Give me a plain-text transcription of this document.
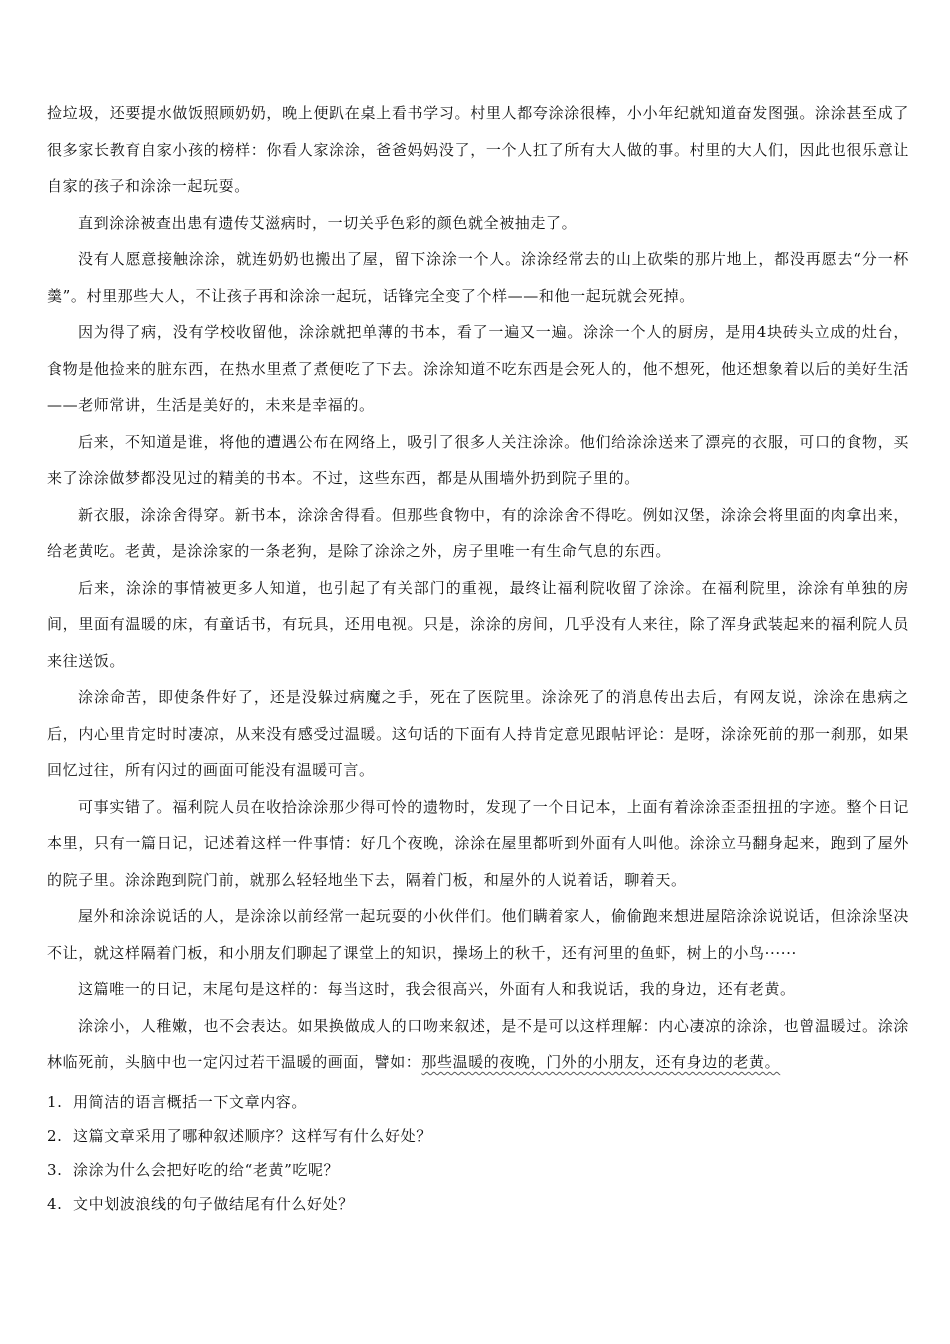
捡垃圾，还要提水做饭照顾奶奶，晚上便趴在桌上看书学习。村里人都夸涂涂很棒，小小年纪就知道奋发图强。涂涂甚至成了很多家长教育自家小孩的榜样：你看人家涂涂，爸爸妈妈没了，一个人扛了所有大人做的事。村里的大人们，因此也很乐意让自家的孩子和涂涂一起玩耍。

直到涂涂被查出患有遗传艾滋病时，一切关乎色彩的颜色就全被抽走了。

没有人愿意接触涂涂，就连奶奶也搬出了屋，留下涂涂一个人。涂涂经常去的山上砍柴的那片地上，都没再愿去“分一杯羹”。村里那些大人，不让孩子再和涂涂一起玩，话锋完全变了个样——和他一起玩就会死掉。

因为得了病，没有学校收留他，涂涂就把单薄的书本，看了一遍又一遍。涂涂一个人的厨房，是用4块砖头立成的灶台，食物是他捡来的脏东西，在热水里煮了煮便吃了下去。涂涂知道不吃东西是会死人的，他不想死，他还想象着以后的美好生活——老师常讲，生活是美好的，未来是幸福的。

后来，不知道是谁，将他的遭遇公布在网络上，吸引了很多人关注涂涂。他们给涂涂送来了漂亮的衣服，可口的食物，买来了涂涂做梦都没见过的精美的书本。不过，这些东西，都是从围墙外扔到院子里的。

新衣服，涂涂舍得穿。新书本，涂涂舍得看。但那些食物中，有的涂涂舍不得吃。例如汉堡，涂涂会将里面的肉拿出来，给老黄吃。老黄，是涂涂家的一条老狗，是除了涂涂之外，房子里唯一有生命气息的东西。

后来，涂涂的事情被更多人知道，也引起了有关部门的重视，最终让福利院收留了涂涂。在福利院里，涂涂有单独的房间，里面有温暖的床，有童话书，有玩具，还用电视。只是，涂涂的房间，几乎没有人来往，除了浑身武装起来的福利院人员来往送饭。

涂涂命苦，即使条件好了，还是没躲过病魔之手，死在了医院里。涂涂死了的消息传出去后，有网友说，涂涂在患病之后，内心里肯定时时凄凉，从来没有感受过温暖。这句话的下面有人持肯定意见跟帖评论：是呀，涂涂死前的那一刹那，如果回忆过往，所有闪过的画面可能没有温暖可言。

可事实错了。福利院人员在收拾涂涂那少得可怜的遗物时，发现了一个日记本，上面有着涂涂歪歪扭扭的字迹。整个日记本里，只有一篇日记，记述着这样一件事情：好几个夜晚，涂涂在屋里都听到外面有人叫他。涂涂立马翻身起来，跑到了屋外的院子里。涂涂跑到院门前，就那么轻轻地坐下去，隔着门板，和屋外的人说着话，聊着天。

屋外和涂涂说话的人，是涂涂以前经常一起玩耍的小伙伴们。他们瞒着家人，偷偷跑来想进屋陪涂涂说说话，但涂涂坚决不让，就这样隔着门板，和小朋友们聊起了课堂上的知识，操场上的秋千，还有河里的鱼虾，树上的小鸟······

这篇唯一的日记，末尾句是这样的：每当这时，我会很高兴，外面有人和我说话，我的身边，还有老黄。

涂涂小，人稚嫩，也不会表达。如果换做成人的口吻来叙述，是不是可以这样理解：内心凄凉的涂涂，也曾温暖过。涂涂林临死前，头脑中也一定闪过若干温暖的画面，譬如：那些温暖的夜晚，门外的小朋友，还有身边的老黄。

1. 用简洁的语言概括一下文章内容。

2. 这篇文章采用了哪种叙述顺序？这样写有什么好处？

3. 涂涂为什么会把好吃的给“老黄”吃呢？

4. 文中划波浪线的句子做结尾有什么好处？
